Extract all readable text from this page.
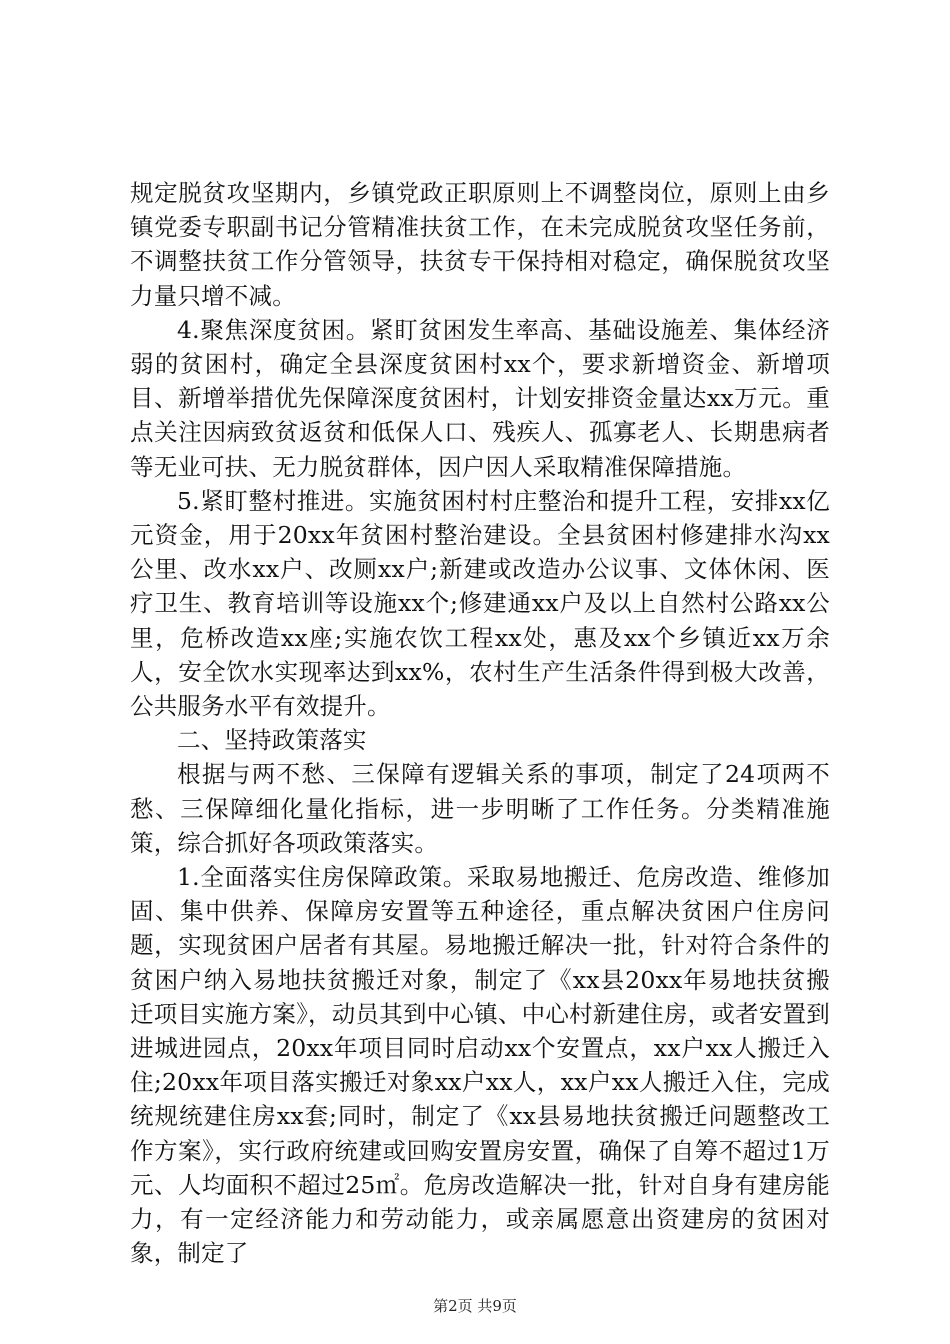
规定脱贫攻坚期内，乡镇党政正职原则上不调整岗位，原则上由乡镇党委专职副书记分管精准扶贫工作，在未完成脱贫攻坚任务前，不调整扶贫工作分管领导，扶贫专干保持相对稳定，确保脱贫攻坚力量只增不减。

4.聚焦深度贫困。紧盯贫困发生率高、基础设施差、集体经济弱的贫困村，确定全县深度贫困村xx个，要求新增资金、新增项目、新增举措优先保障深度贫困村，计划安排资金量达xx万元。重点关注因病致贫返贫和低保人口、残疾人、孤寡老人、长期患病者等无业可扶、无力脱贫群体，因户因人采取精准保障措施。

5.紧盯整村推进。实施贫困村村庄整治和提升工程，安排xx亿元资金，用于20xx年贫困村整治建设。全县贫困村修建排水沟xx公里、改水xx户、改厕xx户;新建或改造办公议事、文体休闲、医疗卫生、教育培训等设施xx个;修建通xx户及以上自然村公路xx公里，危桥改造xx座;实施农饮工程xx处，惠及xx个乡镇近xx万余人，安全饮水实现率达到xx%，农村生产生活条件得到极大改善，公共服务水平有效提升。

二、坚持政策落实

根据与两不愁、三保障有逻辑关系的事项，制定了24项两不愁、三保障细化量化指标，进一步明晰了工作任务。分类精准施策，综合抓好各项政策落实。

1.全面落实住房保障政策。采取易地搬迁、危房改造、维修加固、集中供养、保障房安置等五种途径，重点解决贫困户住房问题，实现贫困户居者有其屋。易地搬迁解决一批，针对符合条件的贫困户纳入易地扶贫搬迁对象，制定了《xx县20xx年易地扶贫搬迁项目实施方案》，动员其到中心镇、中心村新建住房，或者安置到进城进园点，20xx年项目同时启动xx个安置点，xx户xx人搬迁入住;20xx年项目落实搬迁对象xx户xx人，xx户xx人搬迁入住，完成统规统建住房xx套;同时，制定了《xx县易地扶贫搬迁问题整改工作方案》，实行政府统建或回购安置房安置，确保了自筹不超过1万元、人均面积不超过25㎡。危房改造解决一批，针对自身有建房能力，有一定经济能力和劳动能力，或亲属愿意出资建房的贫困对象，制定了

第2页 共9页
